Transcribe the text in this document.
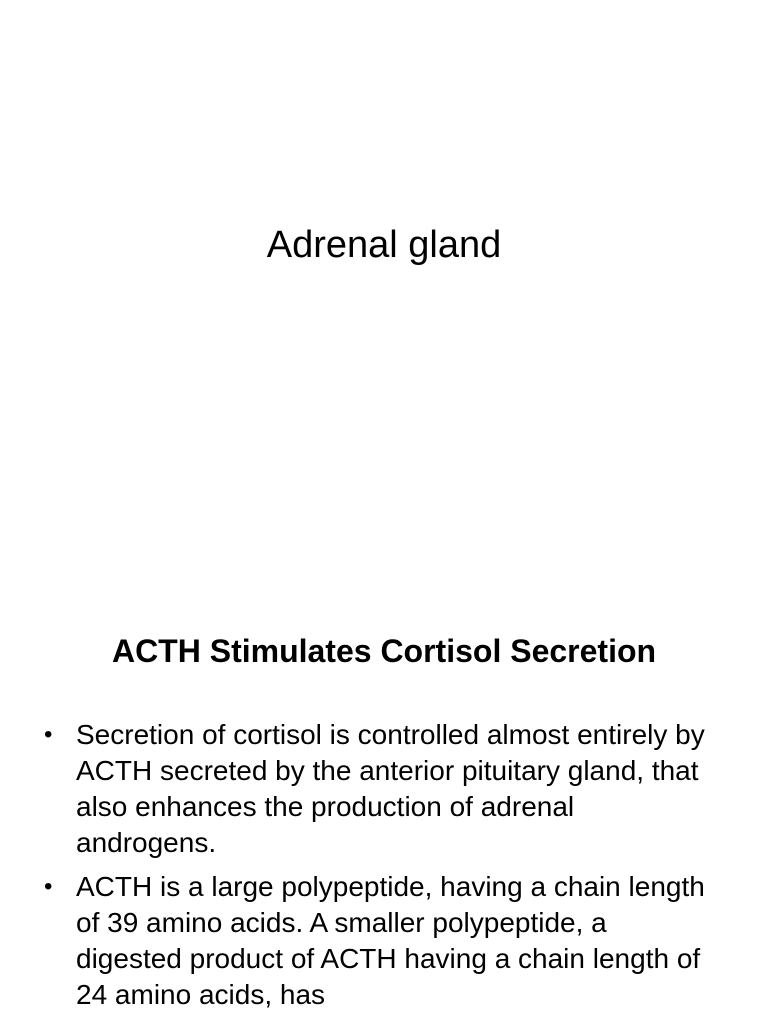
Adrenal gland
ACTH Stimulates Cortisol Secretion
• Secretion of cortisol is controlled almost entirely by ACTH secreted by the anterior pituitary gland, that also enhances the production of adrenal androgens.
• ACTH is a large polypeptide, having a chain length of 39 amino acids. A smaller polypeptide, a digested product of ACTH having a chain length of 24 amino acids, has
